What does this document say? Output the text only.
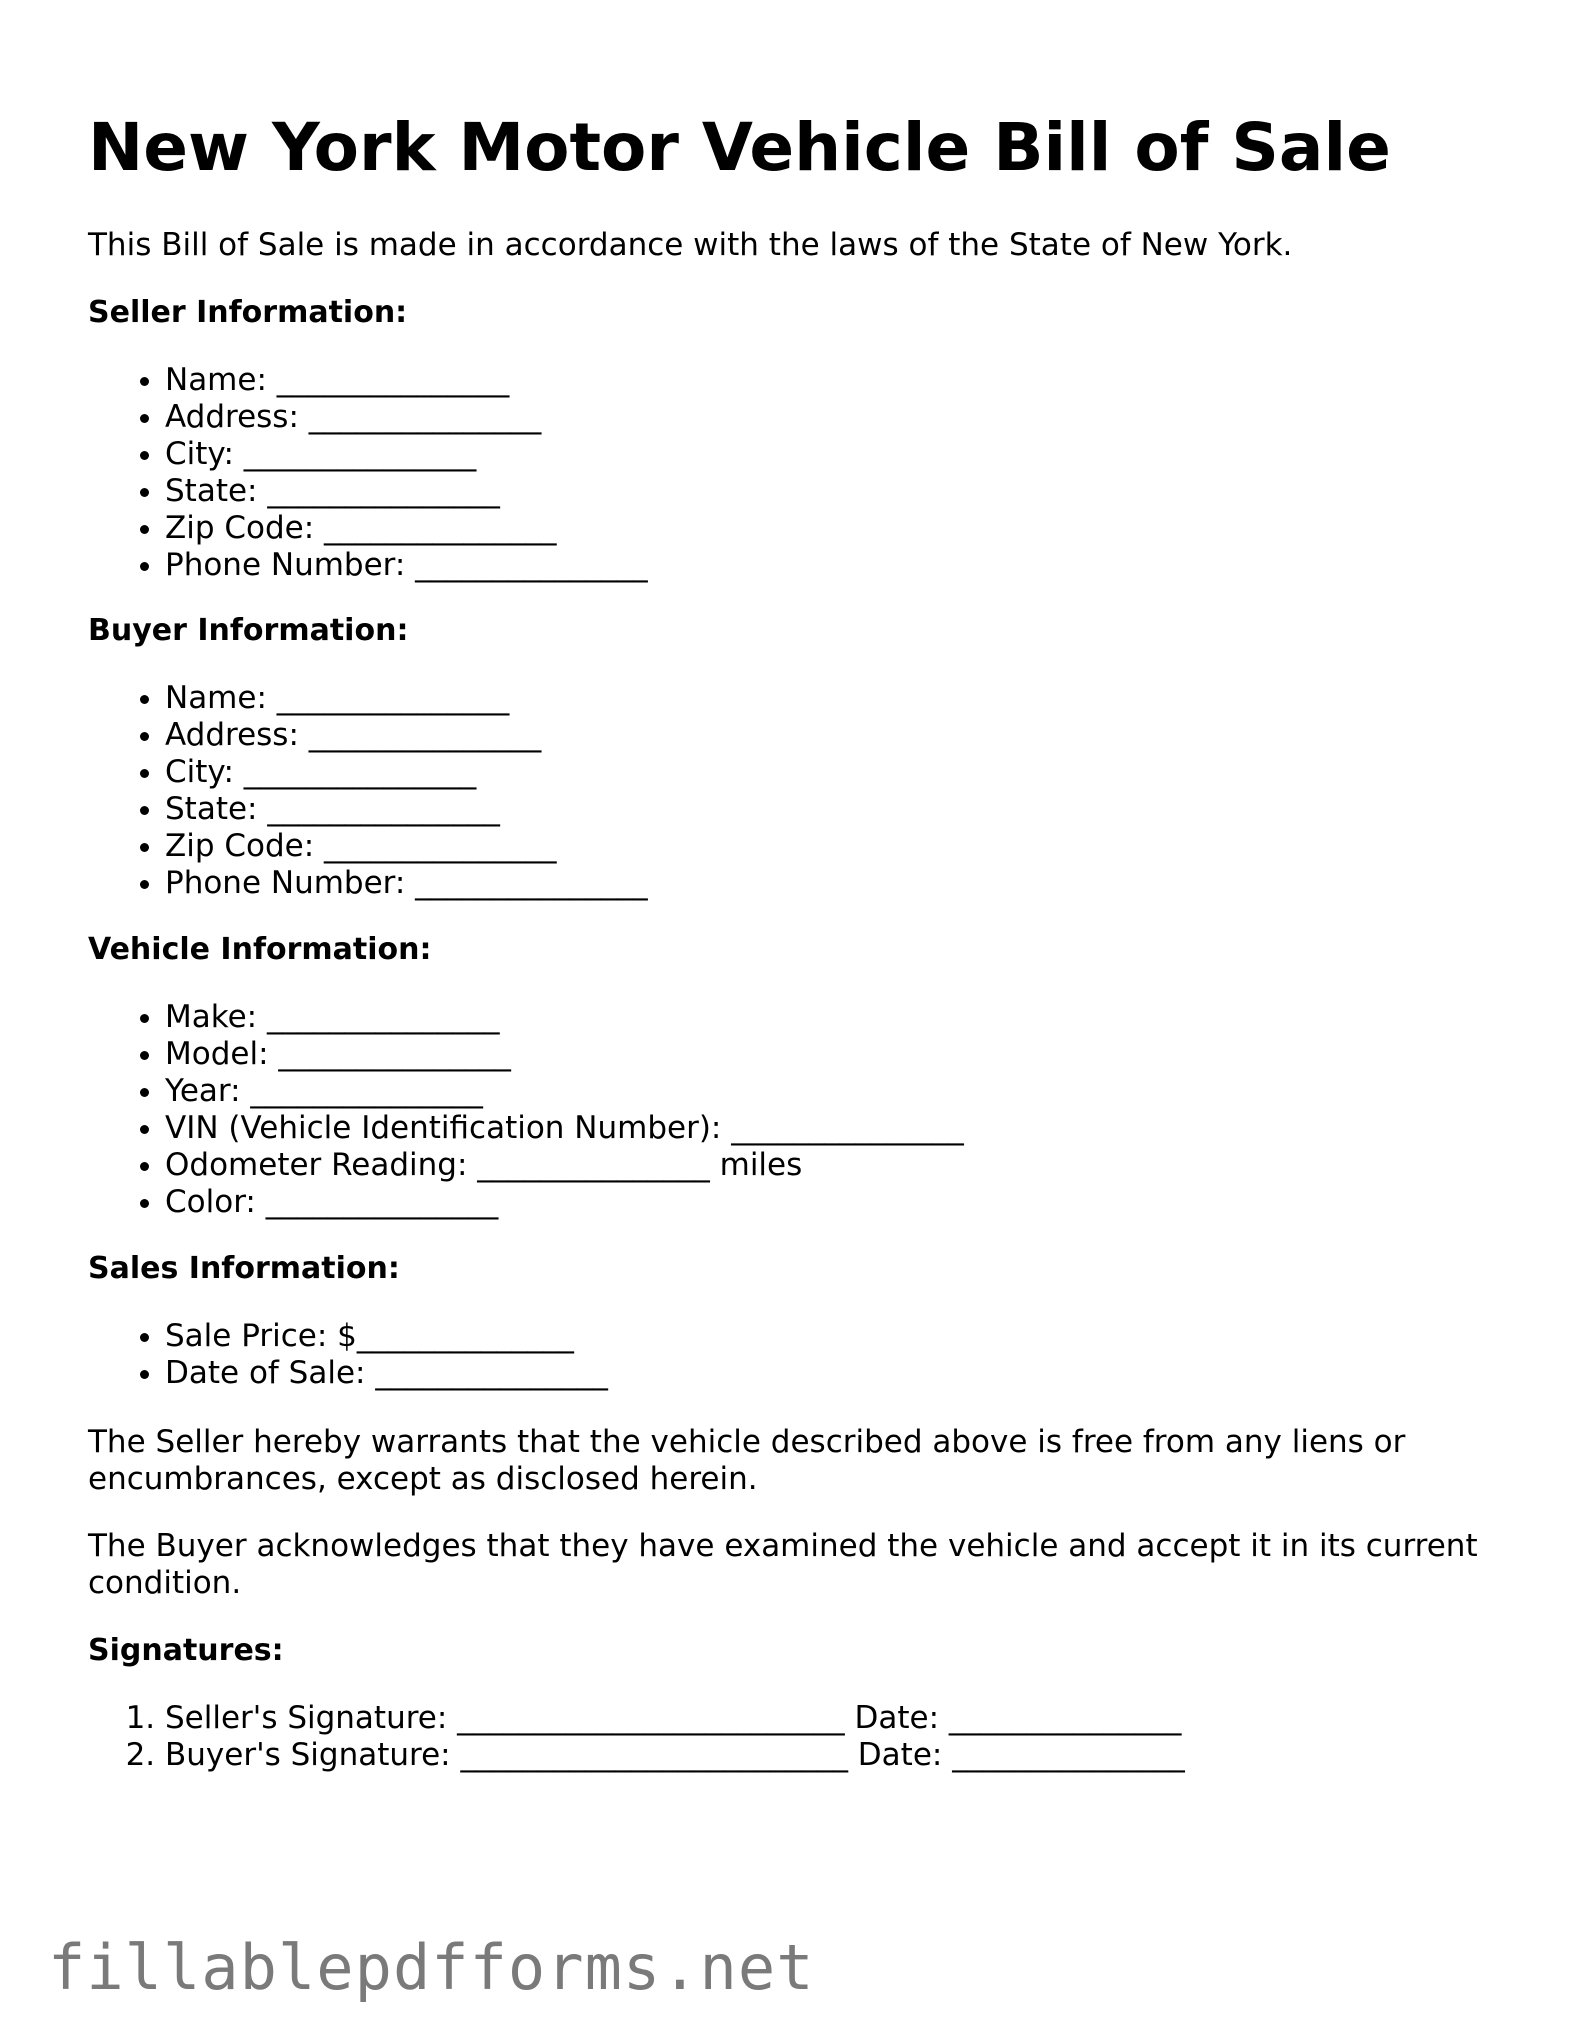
New York Motor Vehicle Bill of Sale

This Bill of Sale is made in accordance with the laws of the State of New York.

Seller Information:

• Name: _______________
• Address: _______________
• City: _______________
• State: _______________
• Zip Code: _______________
• Phone Number: _______________

Buyer Information:

• Name: _______________
• Address: _______________
• City: _______________
• State: _______________
• Zip Code: _______________
• Phone Number: _______________

Vehicle Information:

• Make: _______________
• Model: _______________
• Year: _______________
• VIN (Vehicle Identification Number): _______________
• Odometer Reading: _______________ miles
• Color: _______________

Sales Information:

• Sale Price: $______________
• Date of Sale: _______________

The Seller hereby warrants that the vehicle described above is free from any liens or encumbrances, except as disclosed herein.

The Buyer acknowledges that they have examined the vehicle and accept it in its current condition.

Signatures:

1. Seller's Signature: _________________________ Date: _______________
2. Buyer's Signature: _________________________ Date: _______________
fillablepdfforms.net
